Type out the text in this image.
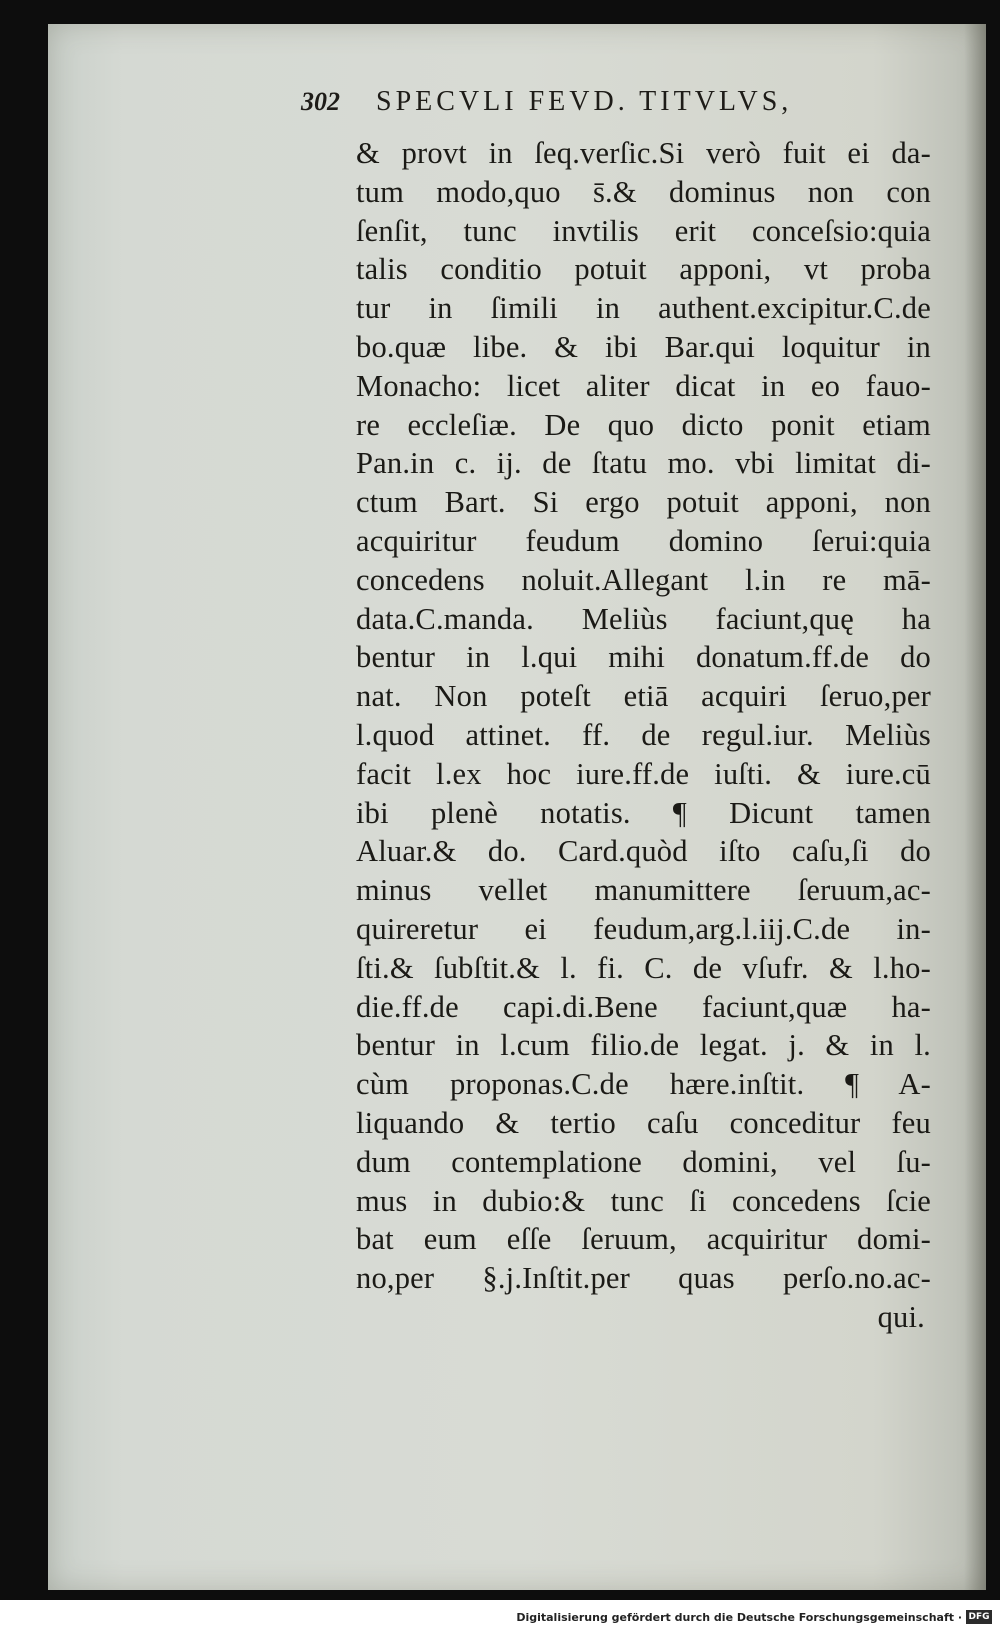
302 SPECVLI FEVD. TITVLVS,
& provt in ſeq.verſic.Si verò fuit ei da-
tum modo,quo s̄.& dominus non con
ſenſit, tunc invtilis erit conceſsio:quia
talis conditio potuit apponi, vt proba
tur in ſimili in authent.excipitur.C.de
bo.quæ libe. & ibi Bar.qui loquitur in
Monacho: licet aliter dicat in eo fauo-
re eccleſiæ. De quo dicto ponit etiam
Pan.in c. ij. de ſtatu mo. vbi limitat di-
ctum Bart. Si ergo potuit apponi, non
acquiritur feudum domino ſerui:quia
concedens noluit.Allegant l.in re mā-
data.C.manda. Meliùs faciunt,quę ha
bentur in l.qui mihi donatum.ff.de do
nat. Non poteſt etiā acquiri ſeruo,per
l.quod attinet. ff. de regul.iur. Meliùs
facit l.ex hoc iure.ff.de iuſti. & iure.cū
ibi plenè notatis. ¶ Dicunt tamen
Aluar.& do. Card.quòd iſto caſu,ſi do
minus vellet manumittere ſeruum,ac-
quireretur ei feudum,arg.l.iij.C.de in-
ſti.& ſubſtit.& l. fi. C. de vſufr. & l.ho-
die.ff.de capi.di.Bene faciunt,quæ ha-
bentur in l.cum filio.de legat. j. & in l.
cùm proponas.C.de hære.inſtit. ¶ A-
liquando & tertio caſu conceditur feu
dum contemplatione domini, vel ſu-
mus in dubio:& tunc ſi concedens ſcie
bat eum eſſe ſeruum, acquiritur domi-
no,per §.j.Inſtit.per quas perſo.no.ac-
qui.
Digitalisierung gefördert durch die Deutsche Forschungsgemeinschaft · DFG
